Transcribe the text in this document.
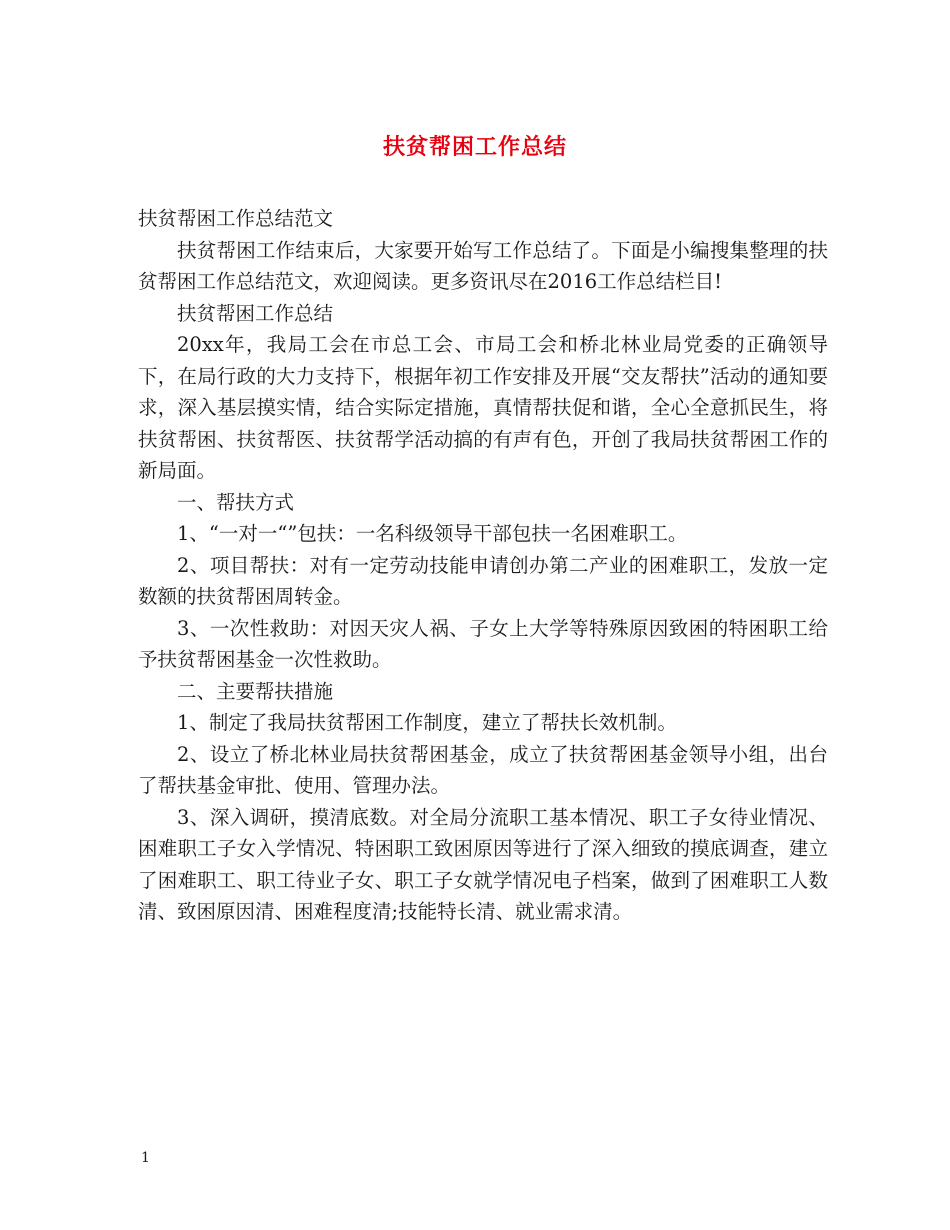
扶贫帮困工作总结

扶贫帮困工作总结范文

扶贫帮困工作结束后，大家要开始写工作总结了。下面是小编搜集整理的扶贫帮困工作总结范文，欢迎阅读。更多资讯尽在2016工作总结栏目!

扶贫帮困工作总结

20xx年，我局工会在市总工会、市局工会和桥北林业局党委的正确领导下，在局行政的大力支持下，根据年初工作安排及开展“交友帮扶”活动的通知要求，深入基层摸实情，结合实际定措施，真情帮扶促和谐，全心全意抓民生，将扶贫帮困、扶贫帮医、扶贫帮学活动搞的有声有色，开创了我局扶贫帮困工作的新局面。

一、帮扶方式

1、“一对一“”包扶：一名科级领导干部包扶一名困难职工。

2、项目帮扶：对有一定劳动技能申请创办第二产业的困难职工，发放一定数额的扶贫帮困周转金。

3、一次性救助：对因天灾人祸、子女上大学等特殊原因致困的特困职工给予扶贫帮困基金一次性救助。

二、主要帮扶措施

1、制定了我局扶贫帮困工作制度，建立了帮扶长效机制。

2、设立了桥北林业局扶贫帮困基金，成立了扶贫帮困基金领导小组，出台了帮扶基金审批、使用、管理办法。

3、深入调研，摸清底数。对全局分流职工基本情况、职工子女待业情况、困难职工子女入学情况、特困职工致困原因等进行了深入细致的摸底调查，建立了困难职工、职工待业子女、职工子女就学情况电子档案，做到了困难职工人数清、致困原因清、困难程度清;技能特长清、就业需求清。

1
